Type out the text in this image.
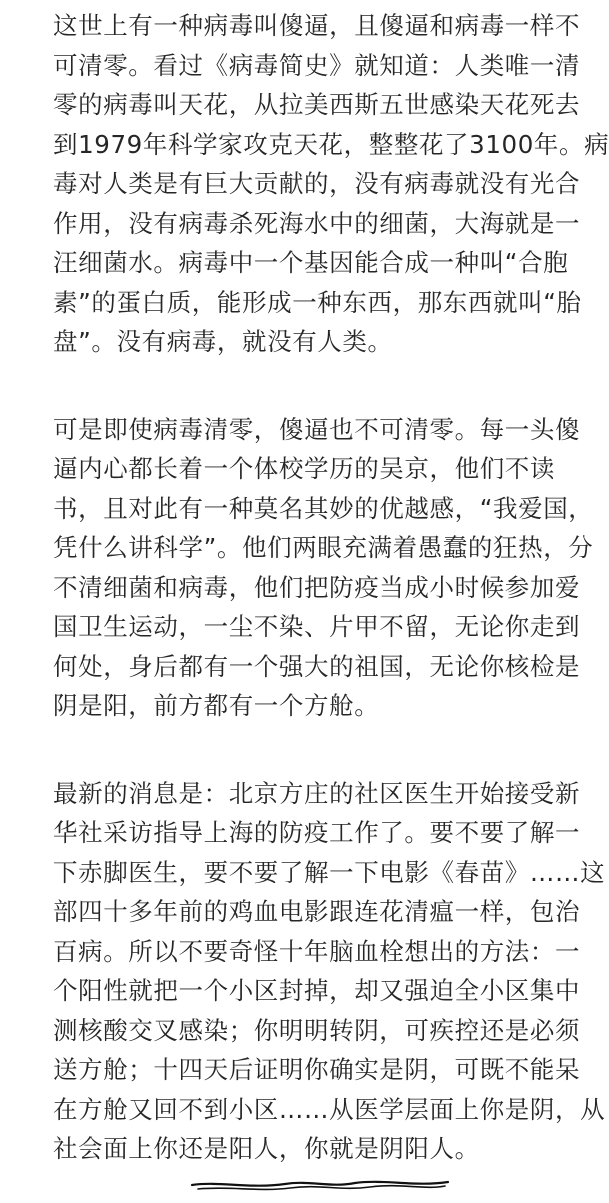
这世上有一种病毒叫傻逼，且傻逼和病毒一样不
可清零。看过《病毒简史》就知道：人类唯一清
零的病毒叫天花，从拉美西斯五世感染天花死去
到1979年科学家攻克天花，整整花了3100年。病
毒对人类是有巨大贡献的，没有病毒就没有光合
作用，没有病毒杀死海水中的细菌，大海就是一
汪细菌水。病毒中一个基因能合成一种叫“合胞
素”的蛋白质，能形成一种东西，那东西就叫“胎
盘”。没有病毒，就没有人类。
可是即使病毒清零，傻逼也不可清零。每一头傻
逼内心都长着一个体校学历的吴京，他们不读
书，且对此有一种莫名其妙的优越感，“我爱国，
凭什么讲科学”。他们两眼充满着愚蠢的狂热，分
不清细菌和病毒，他们把防疫当成小时候参加爱
国卫生运动，一尘不染、片甲不留，无论你走到
何处，身后都有一个强大的祖国，无论你核检是
阴是阳，前方都有一个方舱。
最新的消息是：北京方庄的社区医生开始接受新
华社采访指导上海的防疫工作了。要不要了解一
下赤脚医生，要不要了解一下电影《春苗》……这
部四十多年前的鸡血电影跟连花清瘟一样，包治
百病。所以不要奇怪十年脑血栓想出的方法：一
个阳性就把一个小区封掉，却又强迫全小区集中
测核酸交叉感染；你明明转阴，可疾控还是必须
送方舱；十四天后证明你确实是阴，可既不能呆
在方舱又回不到小区……从医学层面上你是阴，从
社会面上你还是阳人，你就是阴阳人。
